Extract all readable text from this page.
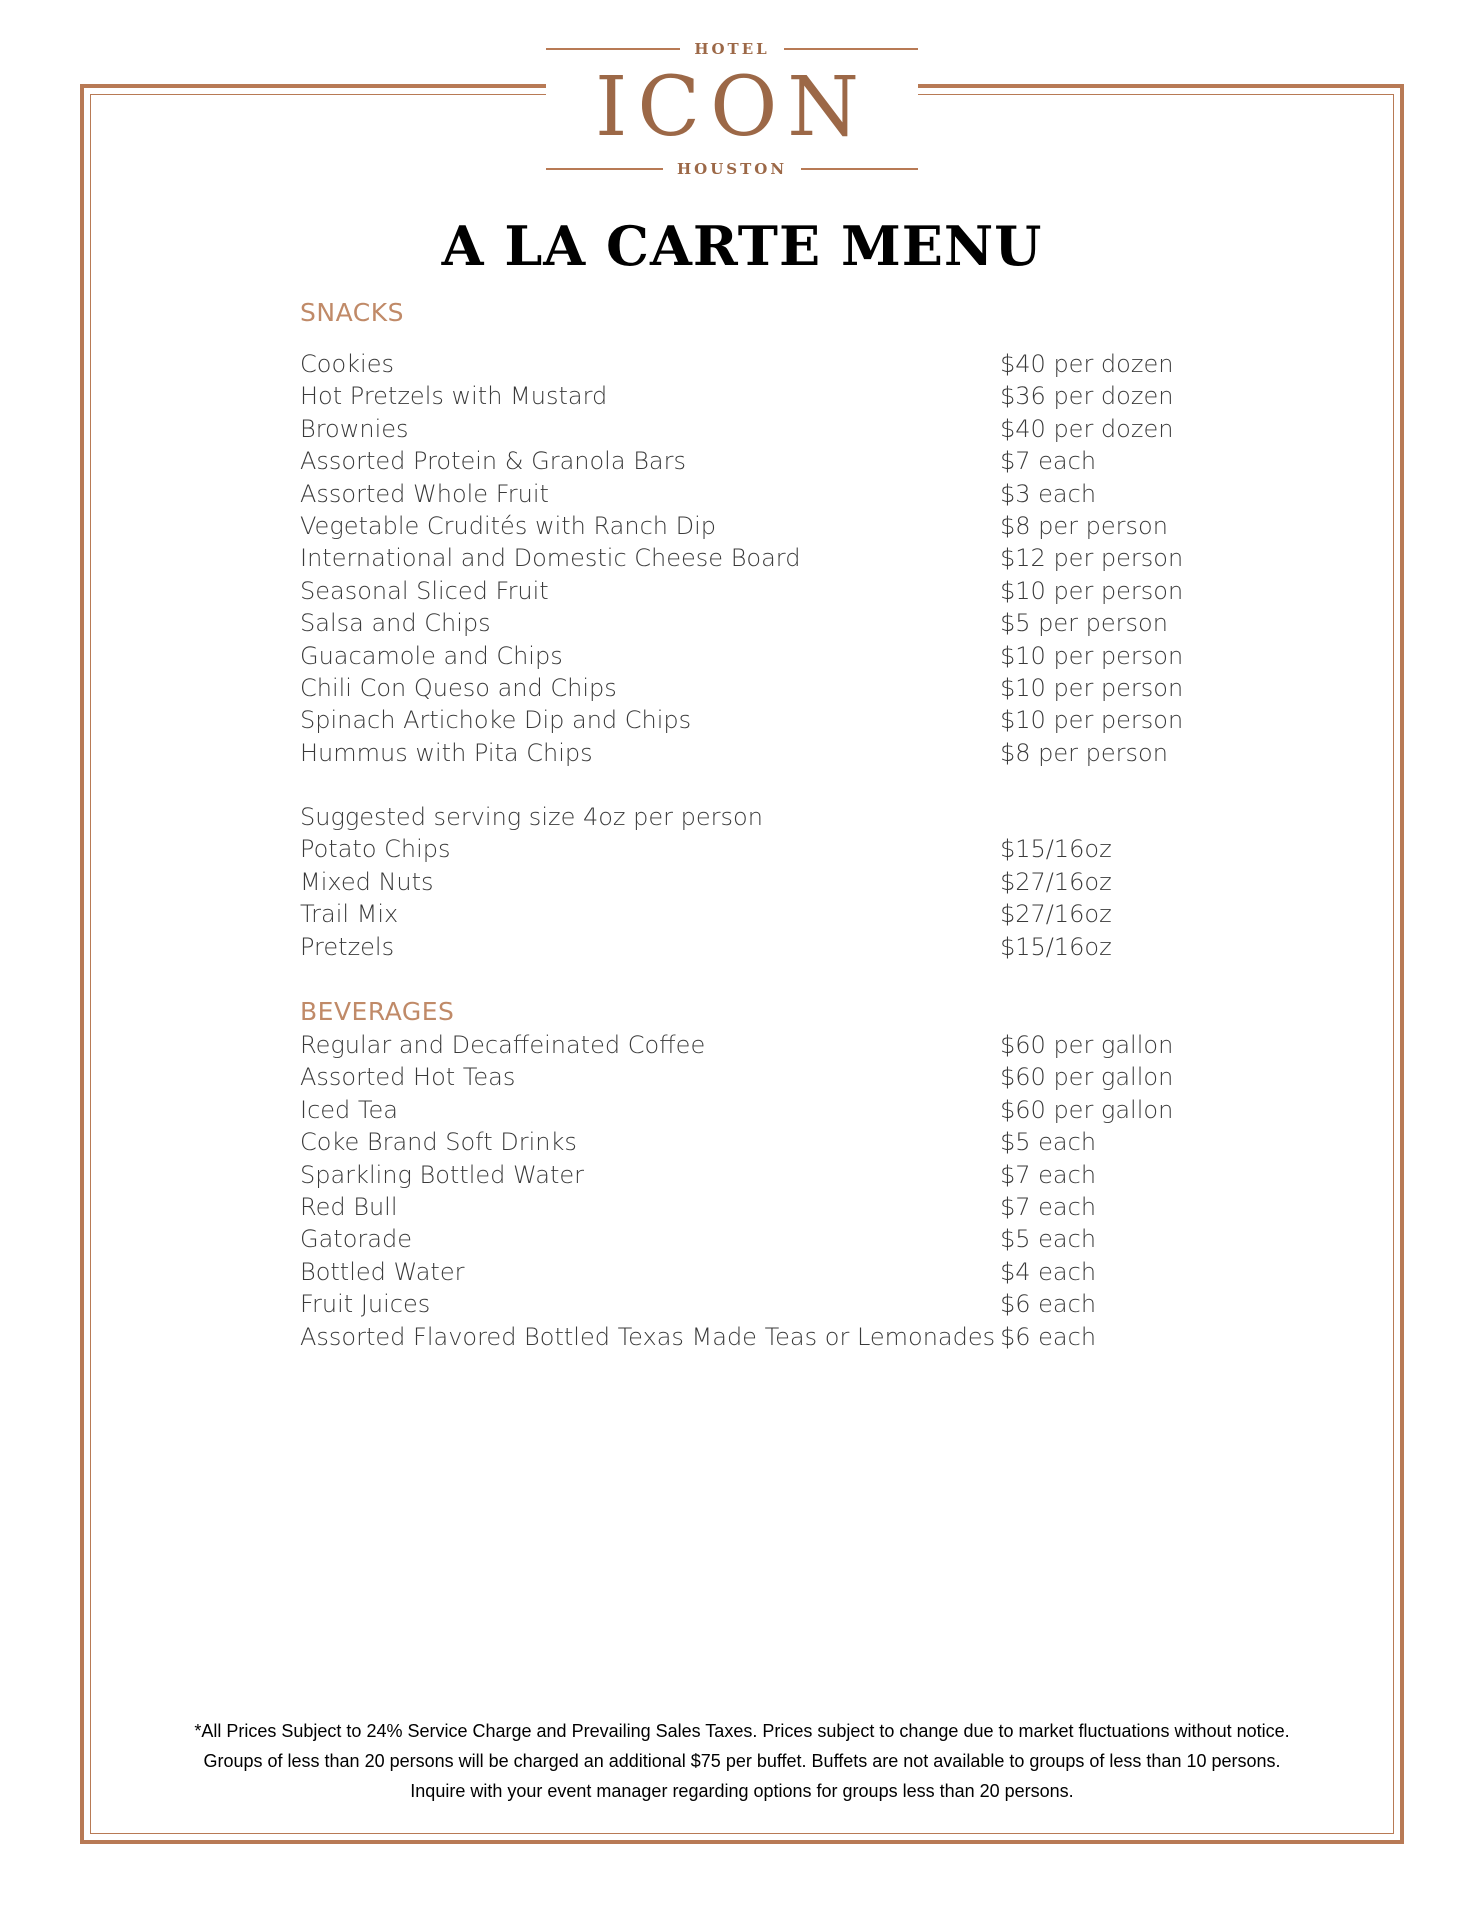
HOTEL
ICON
HOUSTON
A LA CARTE MENU
SNACKS
Cookies	$40 per dozen
Hot Pretzels with Mustard	$36 per dozen
Brownies	$40 per dozen
Assorted Protein & Granola Bars	$7 each
Assorted Whole Fruit	$3 each
Vegetable Crudités with Ranch Dip	$8 per person
International and Domestic Cheese Board	$12 per person
Seasonal Sliced Fruit	$10 per person
Salsa and Chips	$5 per person
Guacamole and Chips	$10 per person
Chili Con Queso and Chips	$10 per person
Spinach Artichoke Dip and Chips	$10 per person
Hummus with Pita Chips	$8 per person
Suggested serving size 4oz per person
Potato Chips	$15/16oz
Mixed Nuts	$27/16oz
Trail Mix	$27/16oz
Pretzels	$15/16oz
BEVERAGES
Regular and Decaffeinated Coffee	$60 per gallon
Assorted Hot Teas	$60 per gallon
Iced Tea	$60 per gallon
Coke Brand Soft Drinks	$5 each
Sparkling Bottled Water	$7 each
Red Bull	$7 each
Gatorade	$5 each
Bottled Water	$4 each
Fruit Juices	$6 each
Assorted Flavored Bottled Texas Made Teas or Lemonades $6 each
*All Prices Subject to 24% Service Charge and Prevailing Sales Taxes. Prices subject to change due to market fluctuations without notice.
Groups of less than 20 persons will be charged an additional $75 per buffet. Buffets are not available to groups of less than 10 persons.
Inquire with your event manager regarding options for groups less than 20 persons.
